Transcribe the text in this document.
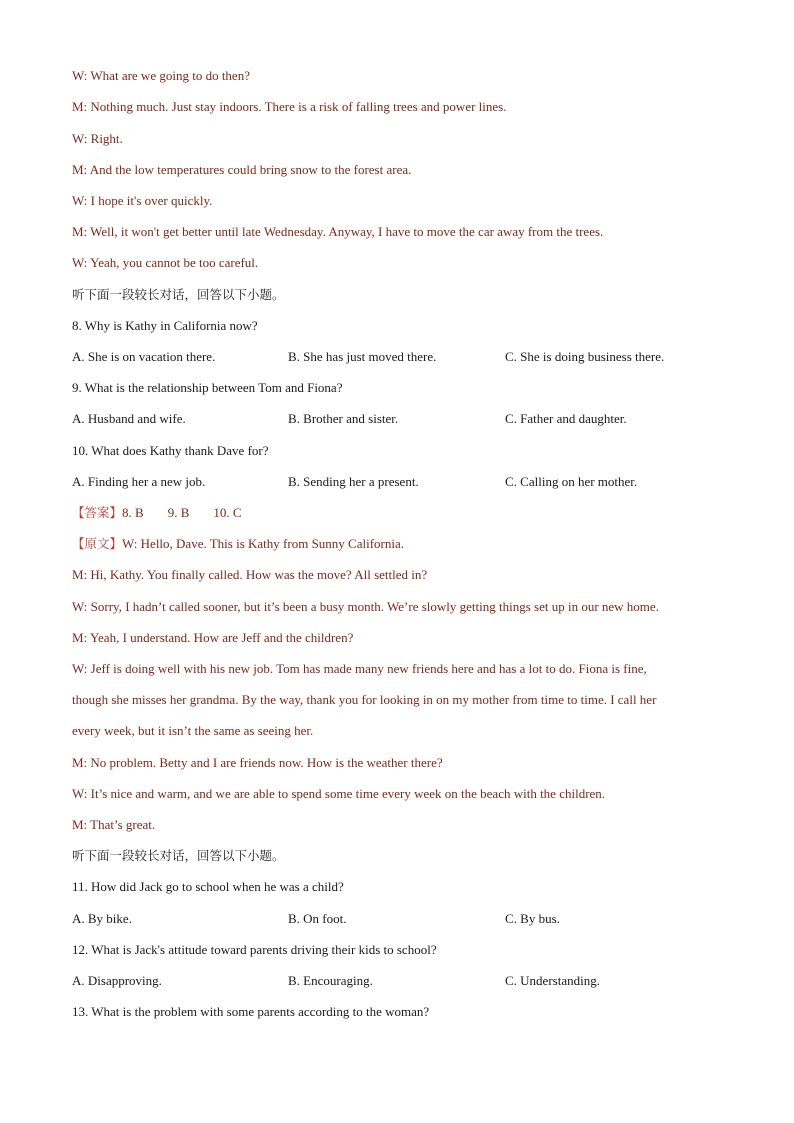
W: What are we going to do then?
M: Nothing much. Just stay indoors. There is a risk of falling trees and power lines.
W: Right.
M: And the low temperatures could bring snow to the forest area.
W: I hope it's over quickly.
M: Well, it won't get better until late Wednesday. Anyway, I have to move the car away from the trees.
W: Yeah, you cannot be too careful.
听下面一段较长对话，回答以下小题。
8. Why is Kathy in California now?
A. She is on vacation there.	B. She has just moved there.	C. She is doing business there.
9. What is the relationship between Tom and Fiona?
A. Husband and wife.	B. Brother and sister.	C. Father and daughter.
10. What does Kathy thank Dave for?
A. Finding her a new job.	B. Sending her a present.	C. Calling on her mother.
【答案】8. B 9. B 10. C
【原文】W: Hello, Dave. This is Kathy from Sunny California.
M: Hi, Kathy. You finally called. How was the move? All settled in?
W: Sorry, I hadn’t called sooner, but it’s been a busy month. We’re slowly getting things set up in our new home.
M: Yeah, I understand. How are Jeff and the children?
W: Jeff is doing well with his new job. Tom has made many new friends here and has a lot to do. Fiona is fine,
though she misses her grandma. By the way, thank you for looking in on my mother from time to time. I call her
every week, but it isn’t the same as seeing her.
M: No problem. Betty and I are friends now. How is the weather there?
W: It’s nice and warm, and we are able to spend some time every week on the beach with the children.
M: That’s great.
听下面一段较长对话，回答以下小题。
11. How did Jack go to school when he was a child?
A. By bike.	B. On foot.	C. By bus.
12. What is Jack's attitude toward parents driving their kids to school?
A. Disapproving.	B. Encouraging.	C. Understanding.
13. What is the problem with some parents according to the woman?
